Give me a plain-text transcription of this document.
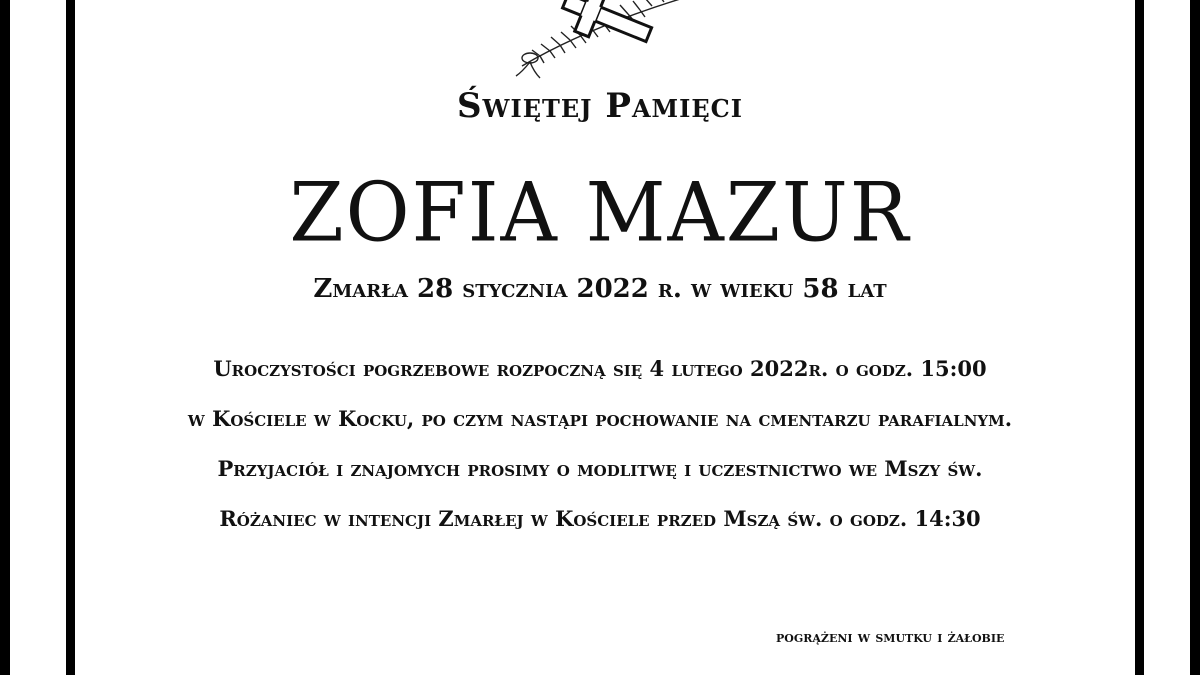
Świętej Pamięci

ZOFIA MAZUR

Zmarła 28 stycznia 2022 r. w wieku 58 lat

Uroczystości pogrzebowe rozpoczną się 4 lutego 2022r. o godz. 15:00

w Kościele w Kocku, po czym nastąpi pochowanie na cmentarzu parafialnym.

Przyjaciół i znajomych prosimy o modlitwę i uczestnictwo we Mszy św.

Różaniec w intencji Zmarłej w Kościele przed Mszą św. o godz. 14:30

pogrążeni w smutku i żałobie
